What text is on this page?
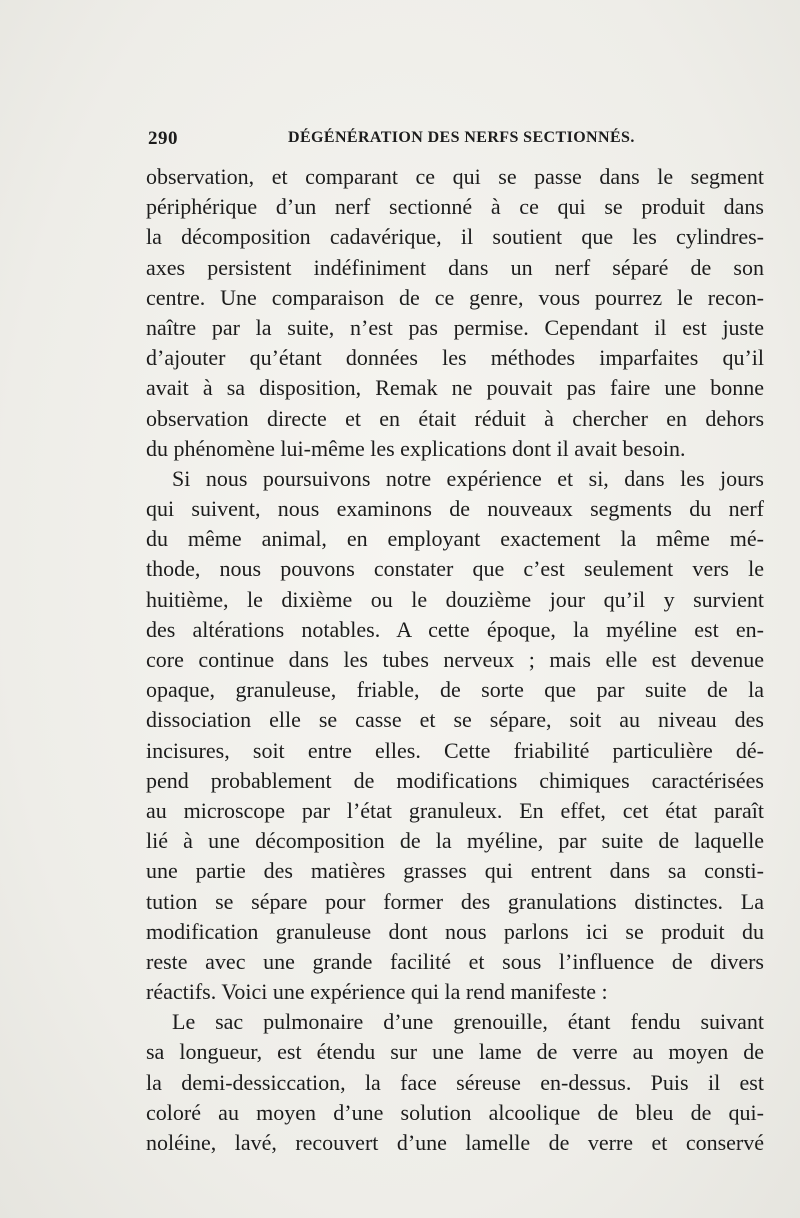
290	DÉGÉNÉRATION DES NERFS SECTIONNÉS.
observation, et comparant ce qui se passe dans le segment
périphérique d’un nerf sectionné à ce qui se produit dans
la décomposition cadavérique, il soutient que les cylindres-
axes persistent indéfiniment dans un nerf séparé de son
centre. Une comparaison de ce genre, vous pourrez le recon-
naître par la suite, n’est pas permise. Cependant il est juste
d’ajouter qu’étant données les méthodes imparfaites qu’il
avait à sa disposition, Remak ne pouvait pas faire une bonne
observation directe et en était réduit à chercher en dehors
du phénomène lui-même les explications dont il avait besoin.
Si nous poursuivons notre expérience et si, dans les jours
qui suivent, nous examinons de nouveaux segments du nerf
du même animal, en employant exactement la même mé-
thode, nous pouvons constater que c’est seulement vers le
huitième, le dixième ou le douzième jour qu’il y survient
des altérations notables. A cette époque, la myéline est en-
core continue dans les tubes nerveux ; mais elle est devenue
opaque, granuleuse, friable, de sorte que par suite de la
dissociation elle se casse et se sépare, soit au niveau des
incisures, soit entre elles. Cette friabilité particulière dé-
pend probablement de modifications chimiques caractérisées
au microscope par l’état granuleux. En effet, cet état paraît
lié à une décomposition de la myéline, par suite de laquelle
une partie des matières grasses qui entrent dans sa consti-
tution se sépare pour former des granulations distinctes. La
modification granuleuse dont nous parlons ici se produit du
reste avec une grande facilité et sous l’influence de divers
réactifs. Voici une expérience qui la rend manifeste :
Le sac pulmonaire d’une grenouille, étant fendu suivant
sa longueur, est étendu sur une lame de verre au moyen de
la demi-dessiccation, la face séreuse en-dessus. Puis il est
coloré au moyen d’une solution alcoolique de bleu de qui-
noléine, lavé, recouvert d’une lamelle de verre et conservé
